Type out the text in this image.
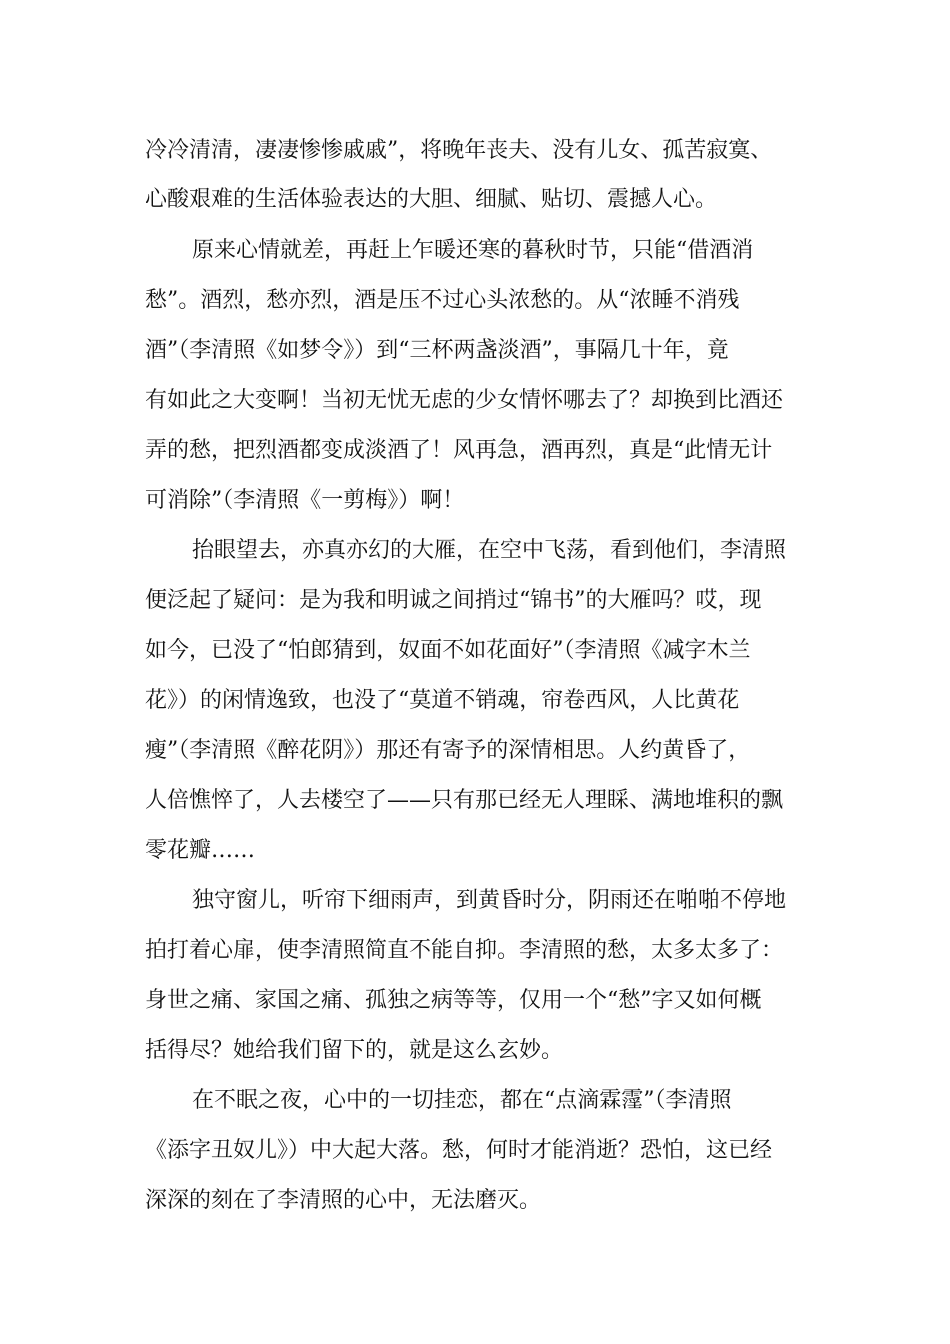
冷冷清清，凄凄惨惨戚戚”，将晚年丧夫、没有儿女、孤苦寂寞、
心酸艰难的生活体验表达的大胆、细腻、贴切、震撼人心。
原来心情就差，再赶上乍暖还寒的暮秋时节，只能“借酒消
愁”。酒烈，愁亦烈，酒是压不过心头浓愁的。从“浓睡不消残
酒”（李清照《如梦令》）到“三杯两盏淡酒”，事隔几十年，竟
有如此之大变啊！当初无忧无虑的少女情怀哪去了？却换到比酒还
弄的愁，把烈酒都变成淡酒了！风再急，酒再烈，真是“此情无计
可消除”（李清照《一剪梅》）啊！
抬眼望去，亦真亦幻的大雁，在空中飞荡，看到他们，李清照
便泛起了疑问：是为我和明诚之间捎过“锦书”的大雁吗？哎，现
如今，已没了“怕郎猜到，奴面不如花面好”（李清照《减字木兰
花》）的闲情逸致，也没了“莫道不销魂，帘卷西风，人比黄花
瘦”（李清照《醉花阴》）那还有寄予的深情相思。人约黄昏了，
人倍憔悴了，人去楼空了——只有那已经无人理睬、满地堆积的飘
零花瓣……
独守窗儿，听帘下细雨声，到黄昏时分，阴雨还在啪啪不停地
拍打着心扉，使李清照简直不能自抑。李清照的愁，太多太多了：
身世之痛、家国之痛、孤独之病等等，仅用一个“愁”字又如何概
括得尽？她给我们留下的，就是这么玄妙。
在不眠之夜，心中的一切挂恋，都在“点滴霖霪”（李清照
《添字丑奴儿》）中大起大落。愁，何时才能消逝？恐怕，这已经
深深的刻在了李清照的心中，无法磨灭。
